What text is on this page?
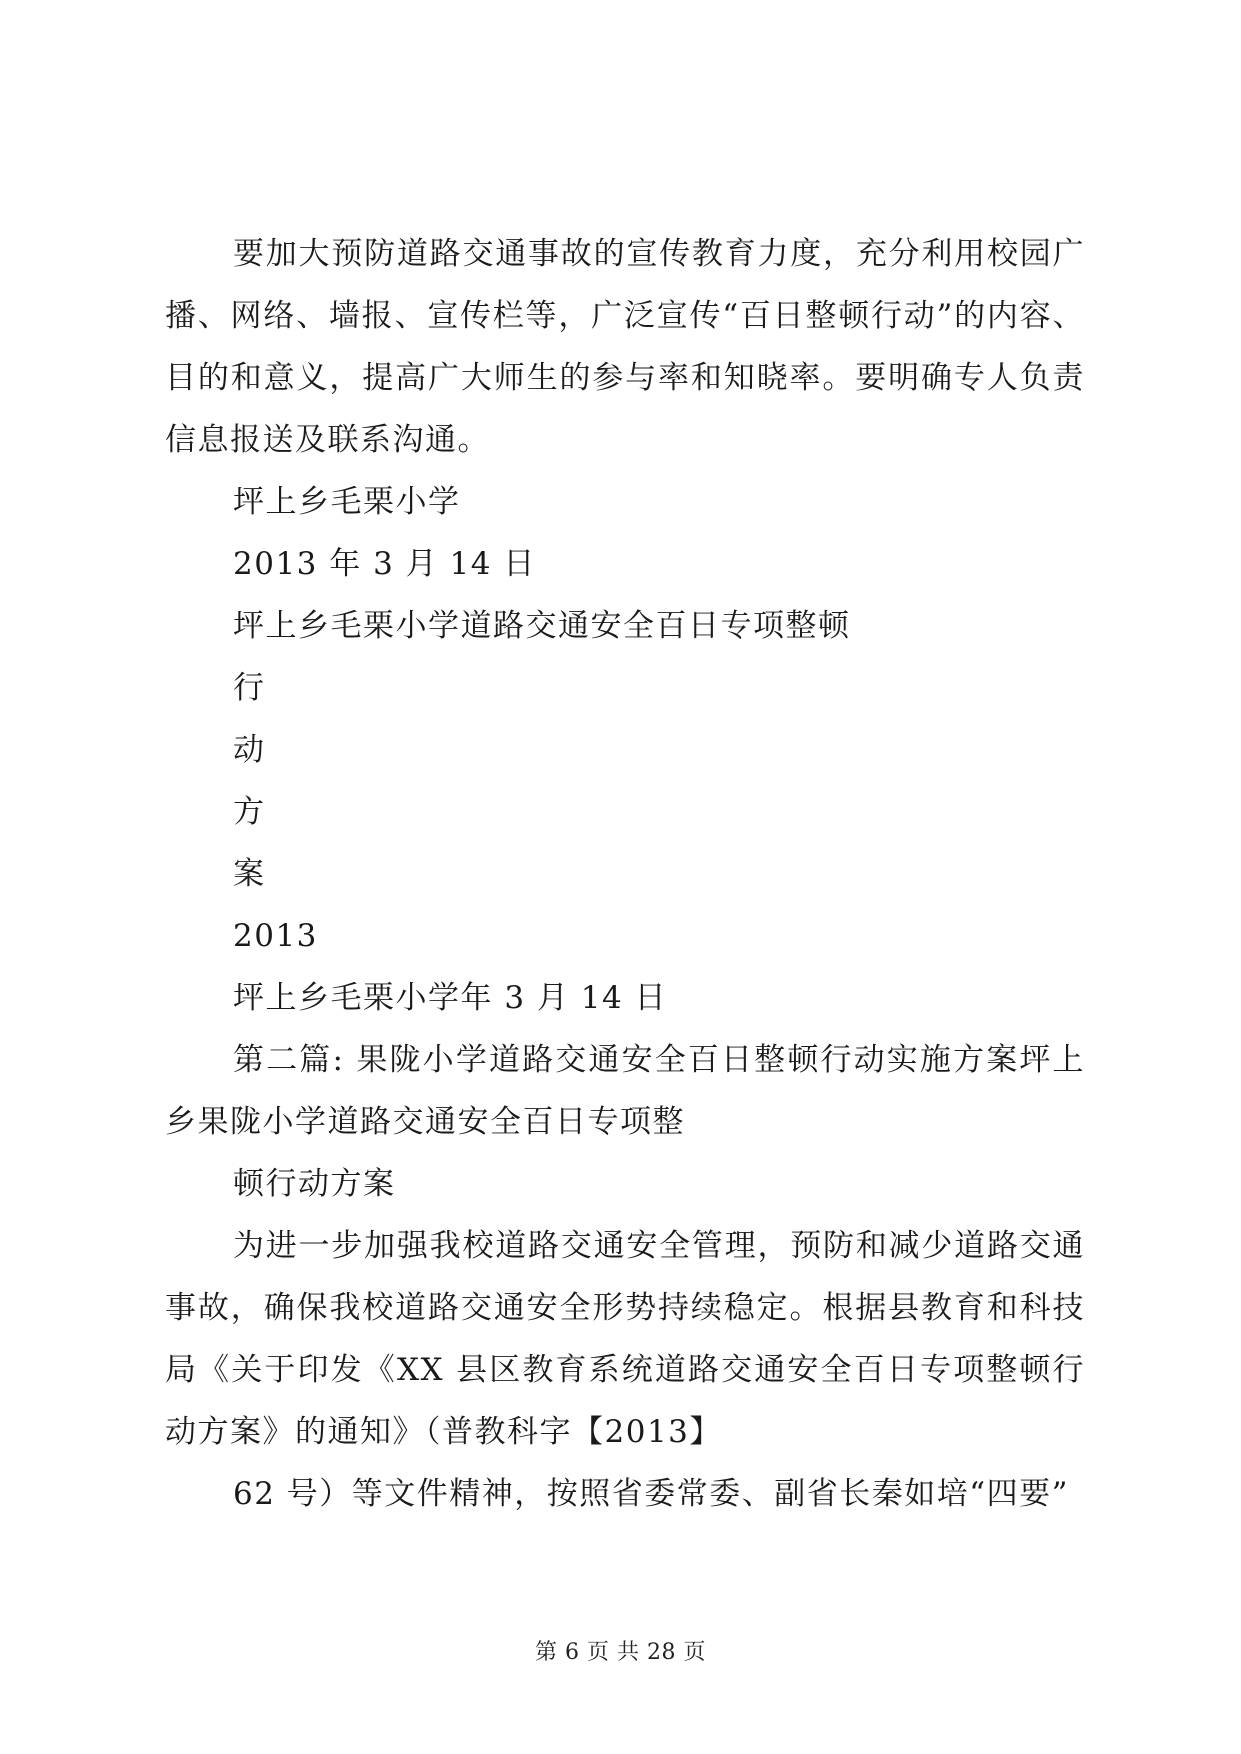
要加大预防道路交通事故的宣传教育力度，充分利用校园广播、网络、墙报、宣传栏等，广泛宣传“百日整顿行动”的内容、目的和意义，提高广大师生的参与率和知晓率。要明确专人负责信息报送及联系沟通。

坪上乡毛栗小学

2013 年 3 月 14 日

坪上乡毛栗小学道路交通安全百日专项整顿

行

动

方

案

2013

坪上乡毛栗小学年 3 月 14 日

第二篇: 果陇小学道路交通安全百日整顿行动实施方案坪上乡果陇小学道路交通安全百日专项整

顿行动方案

为进一步加强我校道路交通安全管理，预防和减少道路交通事故，确保我校道路交通安全形势持续稳定。根据县教育和科技局《关于印发《XX 县区教育系统道路交通安全百日专项整顿行动方案》的通知》（普教科字【2013】

62 号）等文件精神，按照省委常委、副省长秦如培“四要”

第 6 页 共 28 页
